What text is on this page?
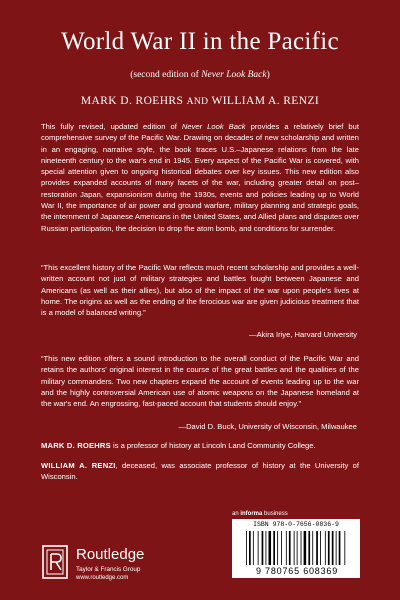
World War II in the Pacific
(second edition of Never Look Back)
MARK D. ROEHRS AND WILLIAM A. RENZI

This fully revised, updated edition of Never Look Back provides a relatively brief but comprehensive survey of the Pacific War. Drawing on decades of new scholarship and written in an engaging, narrative style, the book traces U.S.–Japanese relations from the late nineteenth century to the war's end in 1945. Every aspect of the Pacific War is covered, with special attention given to ongoing historical debates over key issues. This new edition also provides expanded accounts of many facets of the war, including greater detail on post–restoration Japan, expansionism during the 1930s, events and policies leading up to World War II, the importance of air power and ground warfare, military planning and strategic goals, the internment of Japanese Americans in the United States, and Allied plans and disputes over Russian participation, the decision to drop the atom bomb, and conditions for surrender.

“This excellent history of the Pacific War reflects much recent scholarship and provides a well-written account not just of military strategies and battles fought between Japanese and Americans (as well as their allies), but also of the impact of the war upon people's lives at home. The origins as well as the ending of the ferocious war are given judicious treatment that is a model of balanced writing.”

—Akira Iriye, Harvard University

“This new edition offers a sound introduction to the overall conduct of the Pacific War and retains the authors' original interest in the course of the great battles and the qualities of the military commanders. Two new chapters expand the account of events leading up to the war and the highly controversial American use of atomic weapons on the Japanese homeland at the war's end. An engrossing, fast-paced account that students should enjoy.”

—David D. Buck, University of Wisconsin, Milwaukee

MARK D. ROEHRS is a professor of history at Lincoln Land Community College.

WILLIAM A. RENZI, deceased, was associate professor of history at the University of Wisconsin.

Routledge
Taylor & Francis Group
www.routledge.com
an informa business
ISBN 978-0-7656-0836-9
9 780765 608369
